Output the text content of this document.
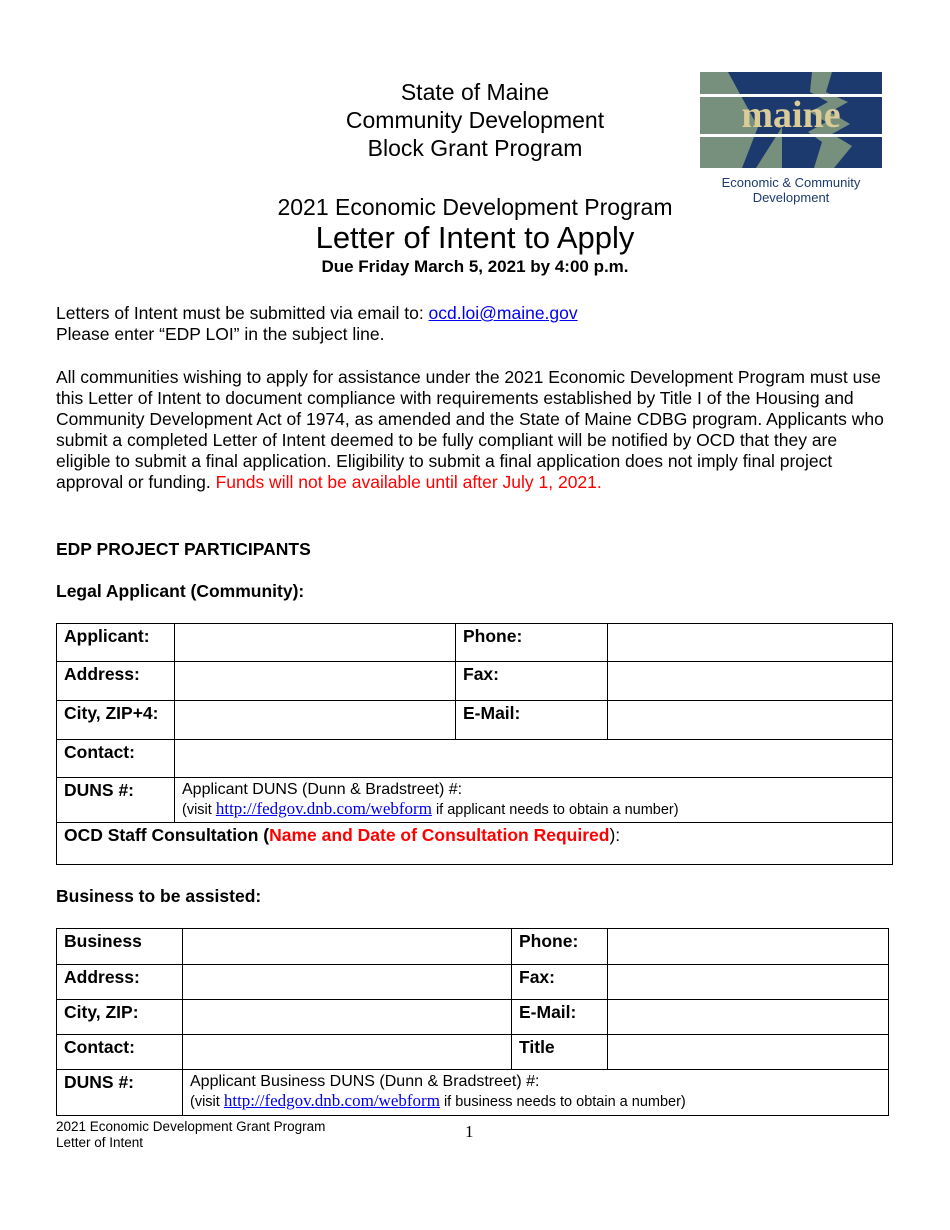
State of Maine
Community Development
Block Grant Program
2021 Economic Development Program
Letter of Intent to Apply
Due Friday March 5, 2021 by 4:00 p.m.
maine
Economic & Community
Development
Letters of Intent must be submitted via email to: ocd.loi@maine.gov
Please enter “EDP LOI” in the subject line.
All communities wishing to apply for assistance under the 2021 Economic Development Program must use this Letter of Intent to document compliance with requirements established by Title I of the Housing and Community Development Act of 1974, as amended and the State of Maine CDBG program. Applicants who submit a completed Letter of Intent deemed to be fully compliant will be notified by OCD that they are eligible to submit a final application. Eligibility to submit a final application does not imply final project approval or funding. Funds will not be available until after July 1, 2021.
EDP PROJECT PARTICIPANTS
Legal Applicant (Community):
Applicant:		Phone:	
Address:		Fax:	
City, ZIP+4:		E-Mail:	
Contact:			
DUNS #:	Applicant DUNS (Dunn & Bradstreet) #:
(visit http://fedgov.dnb.com/webform if applicant needs to obtain a number)		

OCD Staff Consultation (Name and Date of Consultation Required):			
Business to be assisted:
Business		Phone:	
Address:		Fax:	
City, ZIP:		E-Mail:	
Contact:		Title	
DUNS #:	Applicant Business DUNS (Dunn & Bradstreet) #:
(visit http://fedgov.dnb.com/webform if business needs to obtain a number)		
2021 Economic Development Grant Program
Letter of Intent
1
